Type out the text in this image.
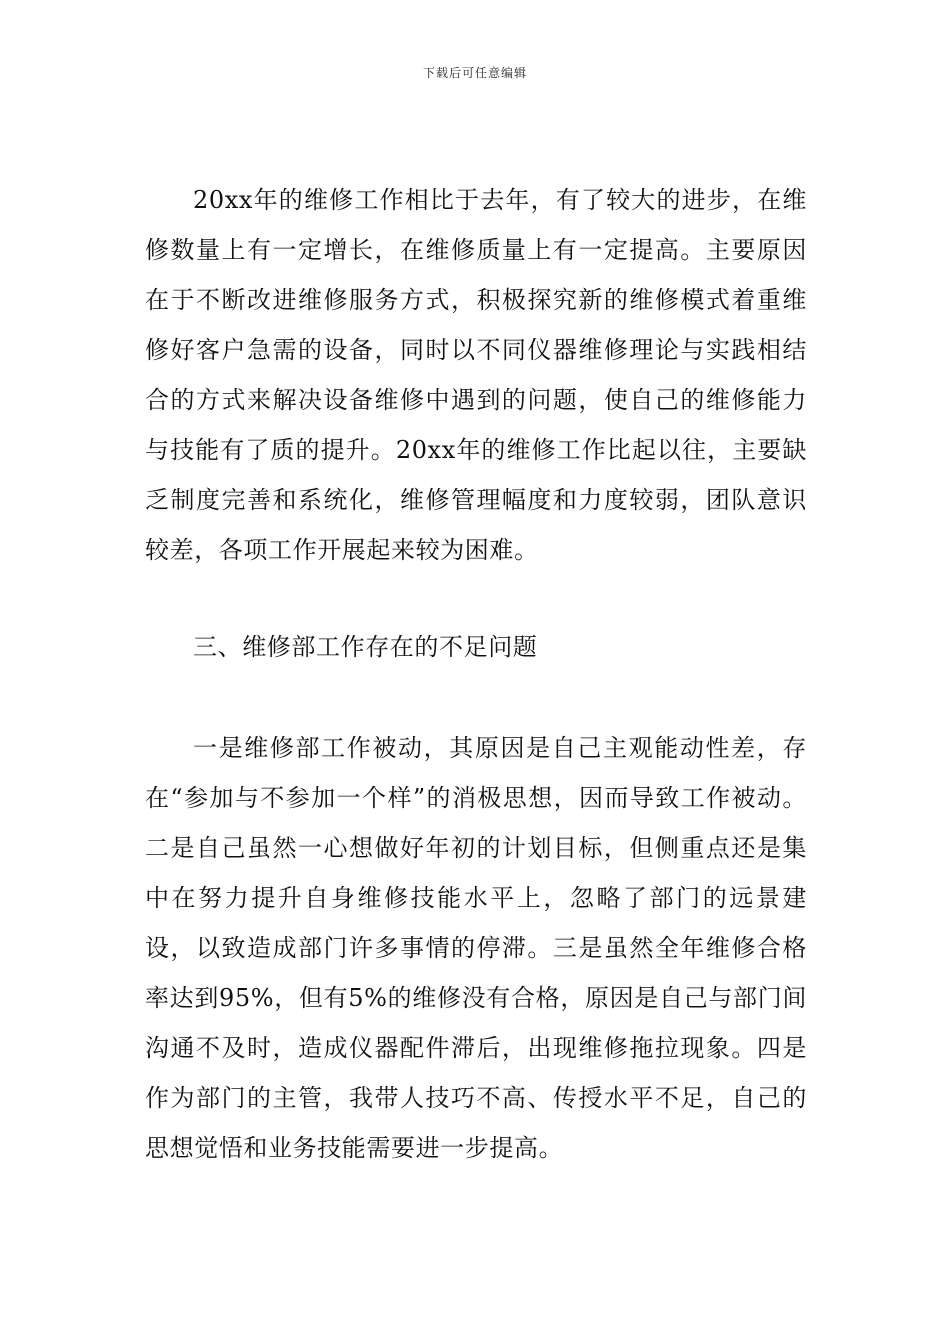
下载后可任意编辑

20xx年的维修工作相比于去年，有了较大的进步，在维修数量上有一定增长，在维修质量上有一定提高。主要原因在于不断改进维修服务方式，积极探究新的维修模式着重维修好客户急需的设备，同时以不同仪器维修理论与实践相结合的方式来解决设备维修中遇到的问题，使自己的维修能力与技能有了质的提升。20xx年的维修工作比起以往，主要缺乏制度完善和系统化，维修管理幅度和力度较弱，团队意识较差，各项工作开展起来较为困难。

三、维修部工作存在的不足问题

一是维修部工作被动，其原因是自己主观能动性差，存在“参加与不参加一个样”的消极思想，因而导致工作被动。二是自己虽然一心想做好年初的计划目标，但侧重点还是集中在努力提升自身维修技能水平上，忽略了部门的远景建设，以致造成部门许多事情的停滞。三是虽然全年维修合格率达到95%，但有5%的维修没有合格，原因是自己与部门间沟通不及时，造成仪器配件滞后，出现维修拖拉现象。四是作为部门的主管，我带人技巧不高、传授水平不足，自己的思想觉悟和业务技能需要进一步提高。
